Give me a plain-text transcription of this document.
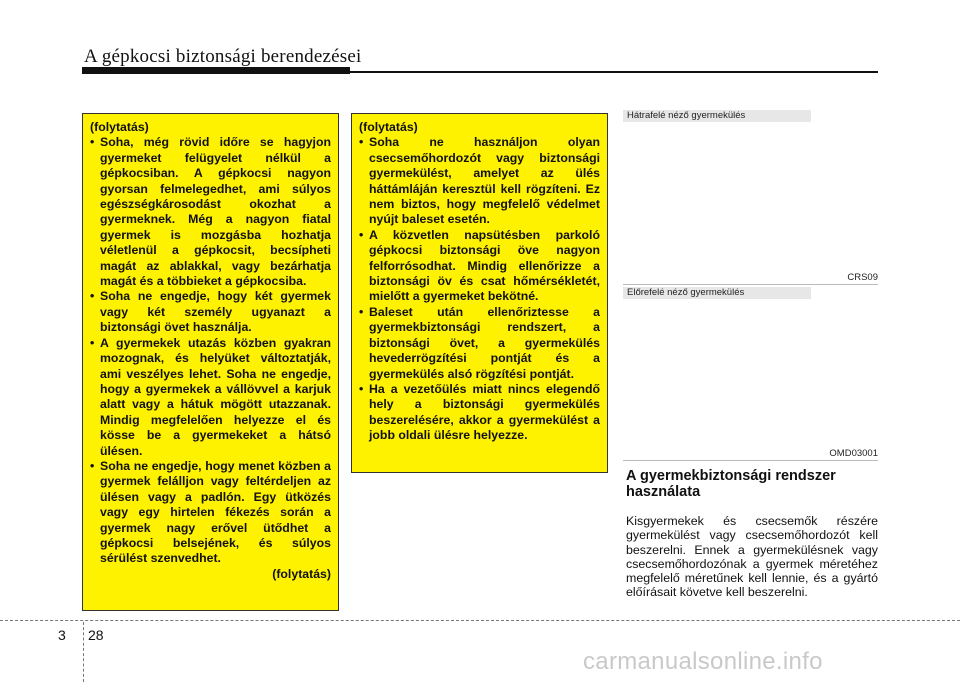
A gépkocsi biztonsági berendezései
(folytatás)
• Soha, még rövid időre se hagyjon gyermeket felügyelet nélkül a gépkocsiban. A gépkocsi nagyon gyorsan felmelegedhet, ami súlyos egészségkárosodást okozhat a gyermeknek. Még a nagyon fiatal gyermek is mozgásba hozhatja véletlenül a gépkocsit, becsípheti magát az ablakkal, vagy bezárhatja magát és a többieket a gépkocsiba.
• Soha ne engedje, hogy két gyermek vagy két személy ugyanazt a biztonsági övet használja.
• A gyermekek utazás közben gyakran mozognak, és helyüket változtatják, ami veszélyes lehet. Soha ne engedje, hogy a gyermekek a vállövvel a karjuk alatt vagy a hátuk mögött utazzanak. Mindig megfelelően helyezze el és kösse be a gyermekeket a hátsó ülésen.
• Soha ne engedje, hogy menet közben a gyermek felálljon vagy feltérdeljen az ülésen vagy a padlón. Egy ütközés vagy egy hirtelen fékezés során a gyermek nagy erővel ütődhet a gépkocsi belsejének, és súlyos sérülést szenvedhet.
(folytatás)
(folytatás)
• Soha ne használjon olyan csecsemőhordozót vagy biztonsági gyermekülést, amelyet az ülés háttámláján keresztül kell rögzíteni. Ez nem biztos, hogy megfelelő védelmet nyújt baleset esetén.
• A közvetlen napsütésben parkoló gépkocsi biztonsági öve nagyon felforrósodhat. Mindig ellenőrizze a biztonsági öv és csat hőmérsékletét, mielőtt a gyermeket bekötné.
• Baleset után ellenőriztesse a gyermekbiztonsági rendszert, a biztonsági övet, a gyermekülés hevederrögzítési pontját és a gyermekülés alsó rögzítési pontját.
• Ha a vezetőülés miatt nincs elegendő hely a biztonsági gyermekülés beszerelésére, akkor a gyermekülést a jobb oldali ülésre helyezze.
Hátrafelé néző gyermekülés
CRS09
Előrefelé néző gyermekülés
OMD03001
A gyermekbiztonsági rendszer használata
Kisgyermekek és csecsemők részére gyermekülést vagy csecsemőhordozót kell beszerelni. Ennek a gyermekülésnek vagy csecsemőhordozónak a gyermek méretéhez megfelelő méretűnek kell lennie, és a gyártó előírásait követve kell beszerelni.
3 28
carmanualsonline.info
